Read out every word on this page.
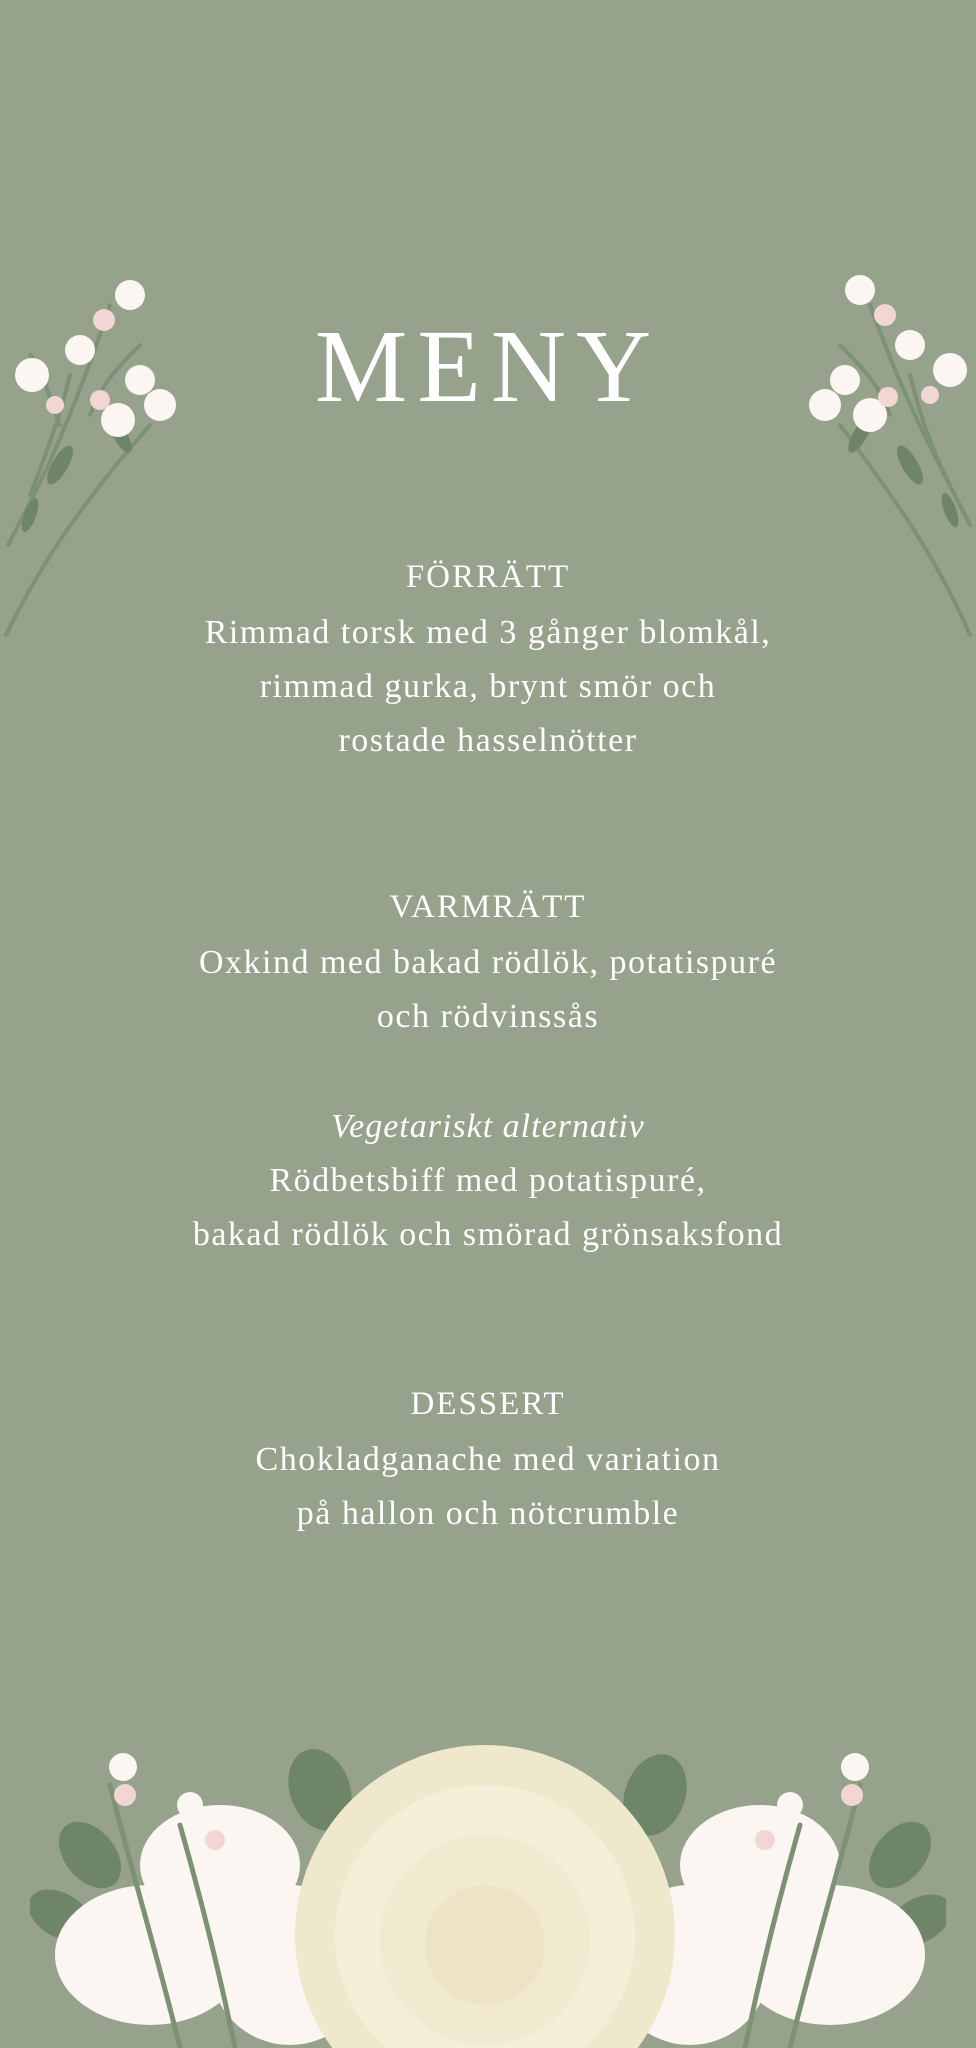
MENY
FÖRRÄTT
Rimmad torsk med 3 gånger blomkål,
rimmad gurka, brynt smör och
rostade hasselnötter
VARMRÄTT
Oxkind med bakad rödlök, potatispuré
och rödvinssås
Vegetariskt alternativ
Rödbetsbiff med potatispuré,
bakad rödlök och smörad grönsaksfond
DESSERT
Chokladganache med variation
på hallon och nötcrumble
